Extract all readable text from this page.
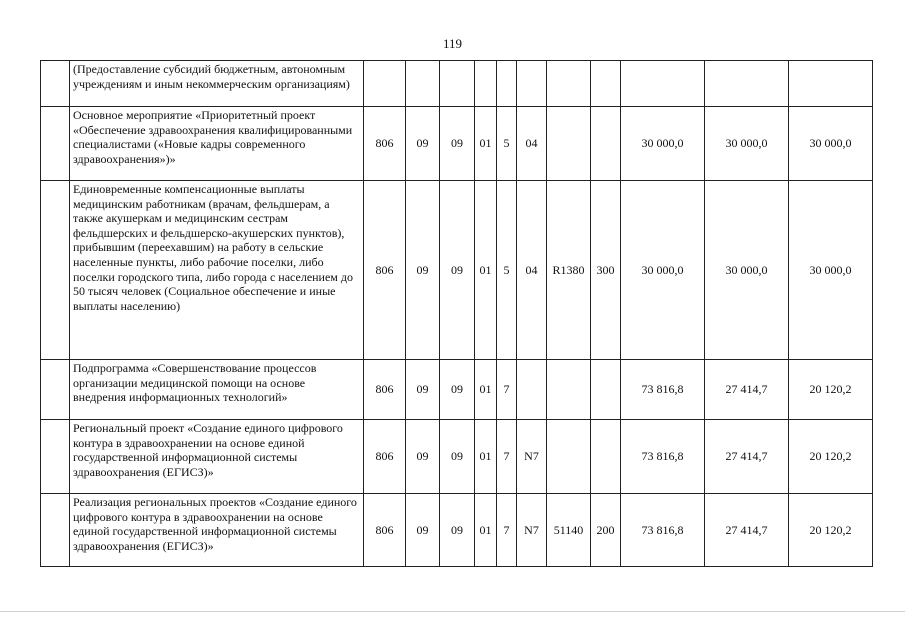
119
	(Предоставление субсидий бюджетным, автономным учреждениям и иным некоммерческим организациям)											
	Основное мероприятие «Приоритетный проект «Обеспечение здравоохранения квалифицированными специалистами («Новые кадры современного здравоохранения»)»	806	09	09	01	5	04			30 000,0	30 000,0	30 000,0
	Единовременные компенсационные выплаты медицинским работникам (врачам, фельдшерам, а также акушеркам и медицинским сестрам фельдшерских и фельдшерско-акушерских пунктов), прибывшим (переехавшим) на работу в сельские населенные пункты, либо рабочие поселки, либо поселки городского типа, либо города с населением до 50 тысяч человек (Социальное обеспечение и иные выплаты населению)	806	09	09	01	5	04	R1380	300	30 000,0	30 000,0	30 000,0
	Подпрограмма «Совершенствование процессов организации медицинской помощи на основе внедрения информационных технологий»	806	09	09	01	7				73 816,8	27 414,7	20 120,2
	Региональный проект «Создание единого цифрового контура в здравоохранении на основе единой государственной информационной системы здравоохранения (ЕГИСЗ)»	806	09	09	01	7	N7			73 816,8	27 414,7	20 120,2
	Реализация региональных проектов «Создание единого цифрового контура в здравоохранении на основе единой государственной информационной системы здравоохранения (ЕГИСЗ)»	806	09	09	01	7	N7	51140	200	73 816,8	27 414,7	20 120,2
